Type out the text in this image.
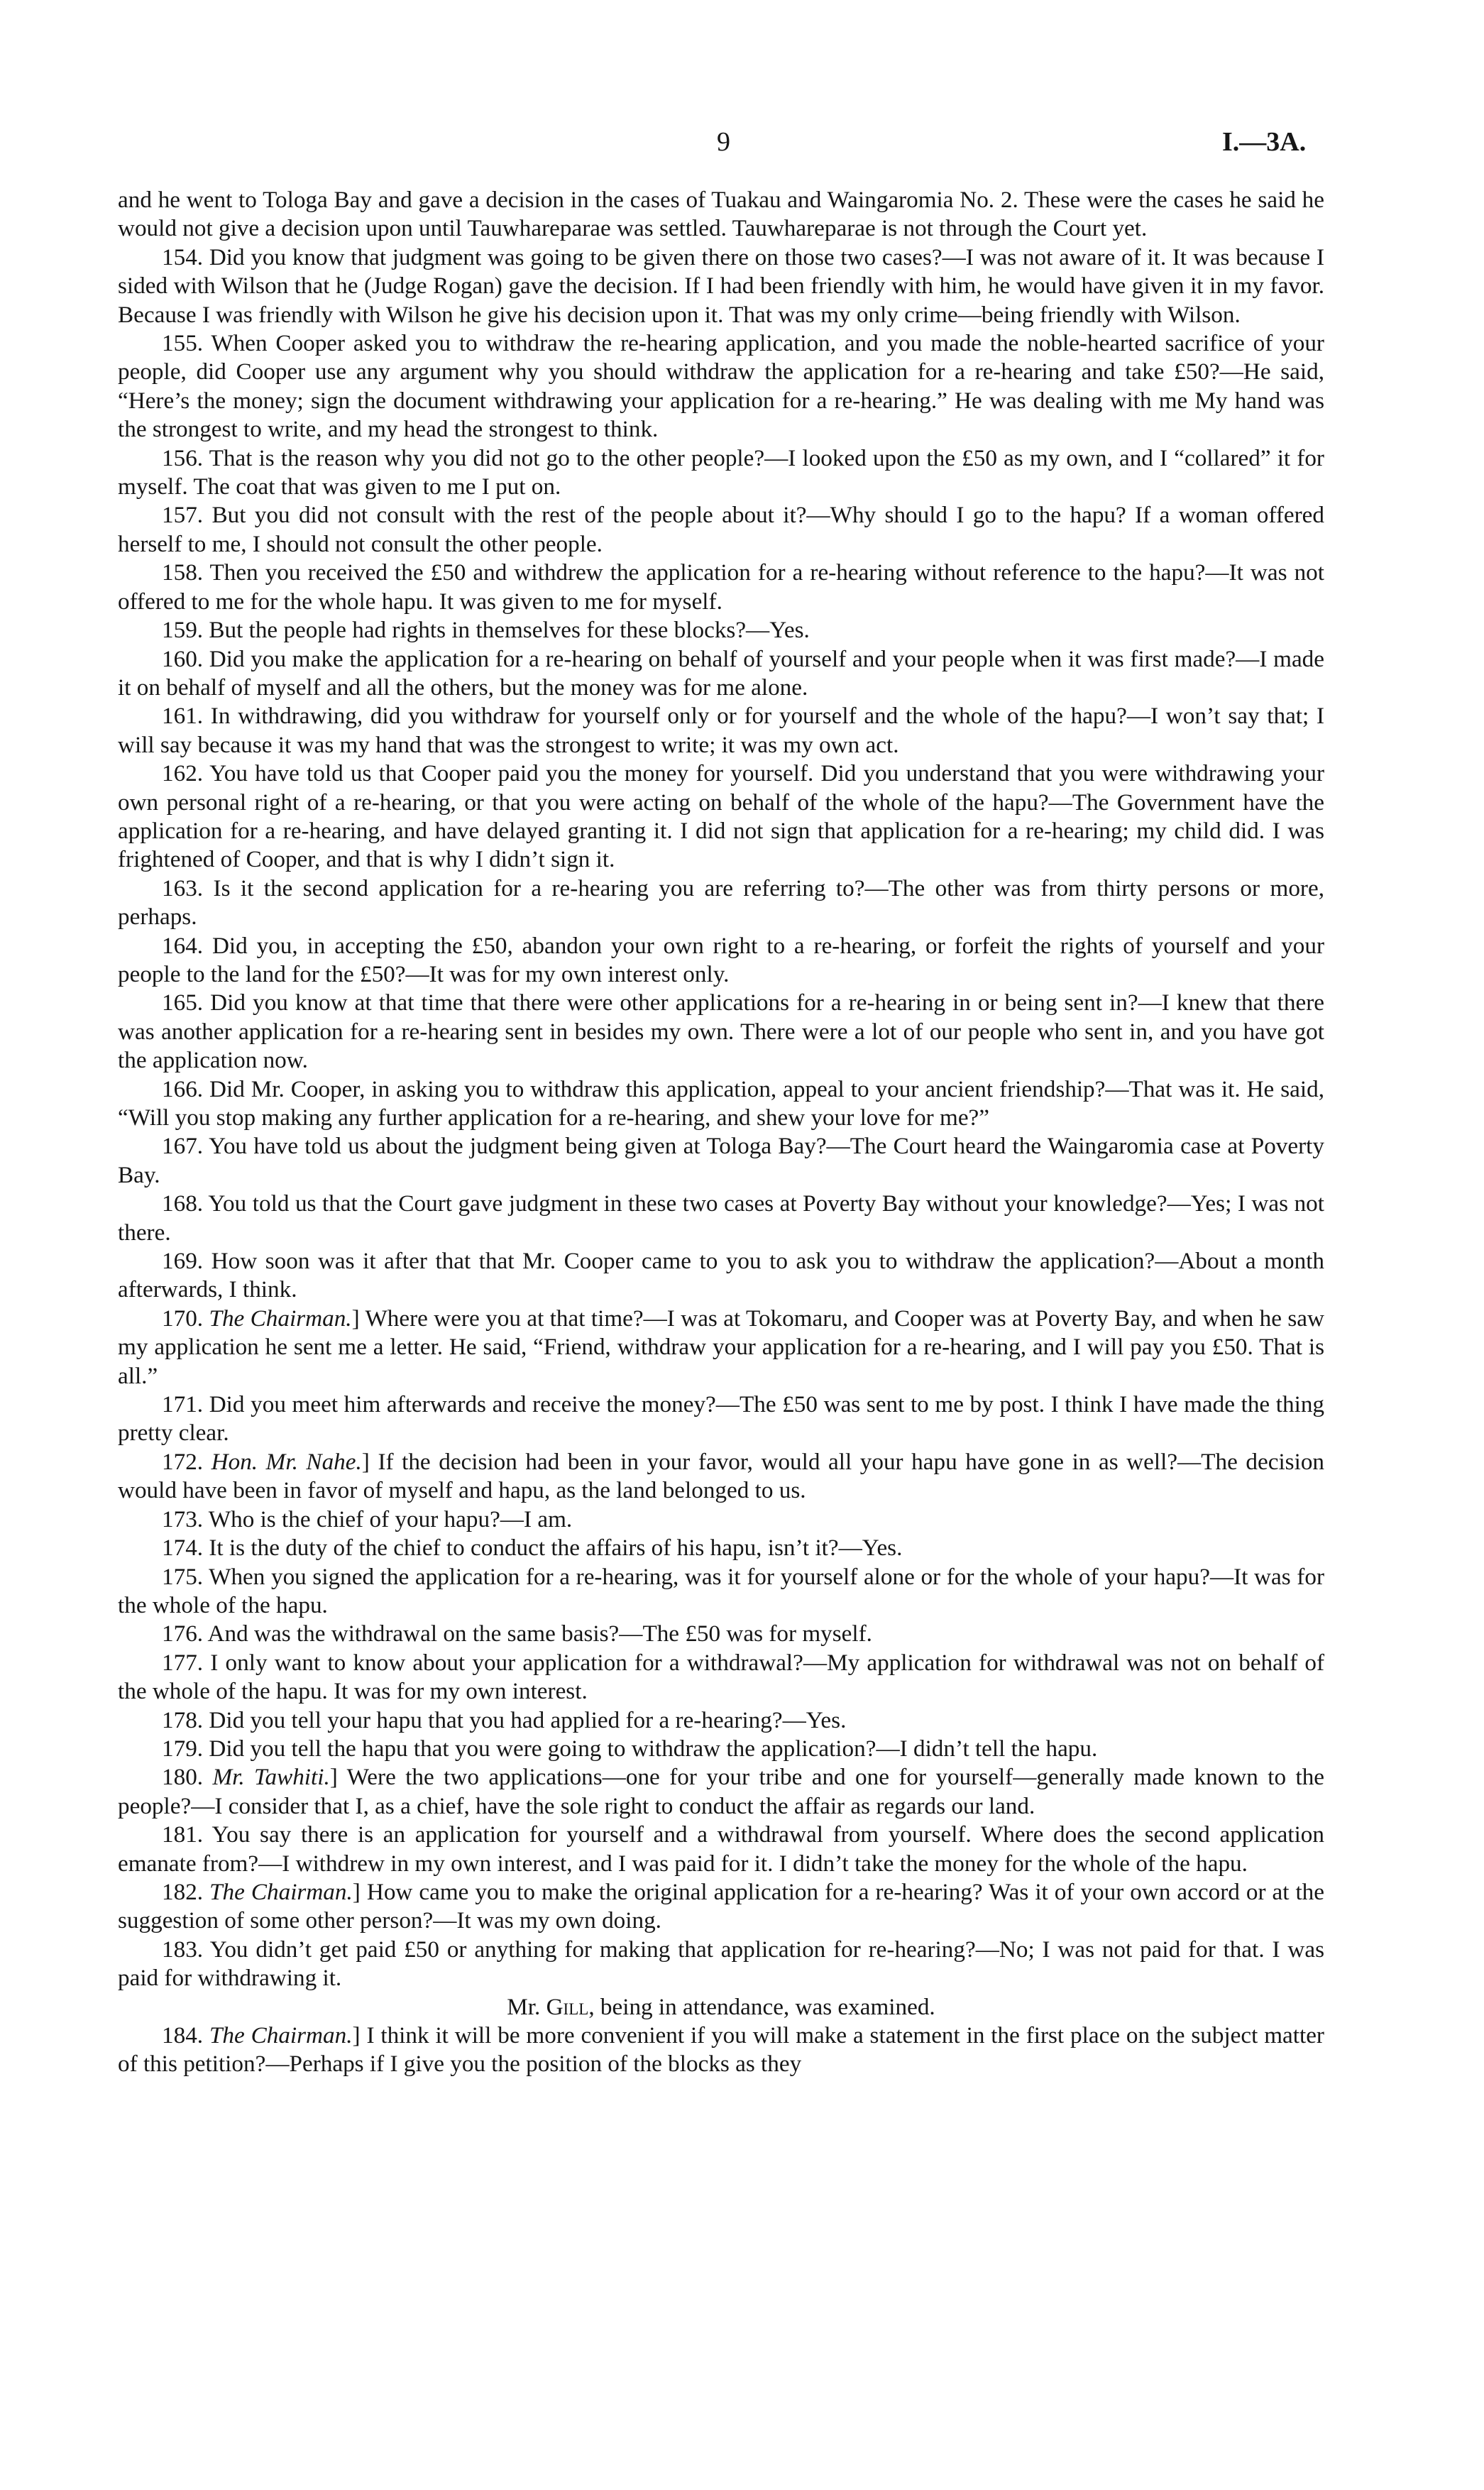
9	I.—3A.

and he went to Tologa Bay and gave a decision in the cases of Tuakau and Waingaromia No. 2. These were the cases he said he would not give a decision upon until Tauwhareparae was settled. Tauwhareparae is not through the Court yet.

154. Did you know that judgment was going to be given there on those two cases?—I was not aware of it. It was because I sided with Wilson that he (Judge Rogan) gave the decision. If I had been friendly with him, he would have given it in my favor. Because I was friendly with Wilson he give his decision upon it. That was my only crime—being friendly with Wilson.

155. When Cooper asked you to withdraw the re-hearing application, and you made the noble-hearted sacrifice of your people, did Cooper use any argument why you should withdraw the application for a re-hearing and take £50?—He said, “Here’s the money; sign the document withdrawing your application for a re-hearing.” He was dealing with me My hand was the strongest to write, and my head the strongest to think.

156. That is the reason why you did not go to the other people?—I looked upon the £50 as my own, and I “collared” it for myself. The coat that was given to me I put on.

157. But you did not consult with the rest of the people about it?—Why should I go to the hapu? If a woman offered herself to me, I should not consult the other people.

158. Then you received the £50 and withdrew the application for a re-hearing without reference to the hapu?—It was not offered to me for the whole hapu. It was given to me for myself.

159. But the people had rights in themselves for these blocks?—Yes.

160. Did you make the application for a re-hearing on behalf of yourself and your people when it was first made?—I made it on behalf of myself and all the others, but the money was for me alone.

161. In withdrawing, did you withdraw for yourself only or for yourself and the whole of the hapu?—I won’t say that; I will say because it was my hand that was the strongest to write; it was my own act.

162. You have told us that Cooper paid you the money for yourself. Did you understand that you were withdrawing your own personal right of a re-hearing, or that you were acting on behalf of the whole of the hapu?—The Government have the application for a re-hearing, and have delayed granting it. I did not sign that application for a re-hearing; my child did. I was frightened of Cooper, and that is why I didn’t sign it.

163. Is it the second application for a re-hearing you are referring to?—The other was from thirty persons or more, perhaps.

164. Did you, in accepting the £50, abandon your own right to a re-hearing, or forfeit the rights of yourself and your people to the land for the £50?—It was for my own interest only.

165. Did you know at that time that there were other applications for a re-hearing in or being sent in?—I knew that there was another application for a re-hearing sent in besides my own. There were a lot of our people who sent in, and you have got the application now.

166. Did Mr. Cooper, in asking you to withdraw this application, appeal to your ancient friendship?—That was it. He said, “Will you stop making any further application for a re-hearing, and shew your love for me?”

167. You have told us about the judgment being given at Tologa Bay?—The Court heard the Waingaromia case at Poverty Bay.

168. You told us that the Court gave judgment in these two cases at Poverty Bay without your knowledge?—Yes; I was not there.

169. How soon was it after that that Mr. Cooper came to you to ask you to withdraw the application?—About a month afterwards, I think.

170. The Chairman.] Where were you at that time?—I was at Tokomaru, and Cooper was at Poverty Bay, and when he saw my application he sent me a letter. He said, “Friend, withdraw your application for a re-hearing, and I will pay you £50. That is all.”

171. Did you meet him afterwards and receive the money?—The £50 was sent to me by post. I think I have made the thing pretty clear.

172. Hon. Mr. Nahe.] If the decision had been in your favor, would all your hapu have gone in as well?—The decision would have been in favor of myself and hapu, as the land belonged to us.

173. Who is the chief of your hapu?—I am.

174. It is the duty of the chief to conduct the affairs of his hapu, isn’t it?—Yes.

175. When you signed the application for a re-hearing, was it for yourself alone or for the whole of your hapu?—It was for the whole of the hapu.

176. And was the withdrawal on the same basis?—The £50 was for myself.

177. I only want to know about your application for a withdrawal?—My application for withdrawal was not on behalf of the whole of the hapu. It was for my own interest.

178. Did you tell your hapu that you had applied for a re-hearing?—Yes.

179. Did you tell the hapu that you were going to withdraw the application?—I didn’t tell the hapu.

180. Mr. Tawhiti.] Were the two applications—one for your tribe and one for yourself—generally made known to the people?—I consider that I, as a chief, have the sole right to conduct the affair as regards our land.

181. You say there is an application for yourself and a withdrawal from yourself. Where does the second application emanate from?—I withdrew in my own interest, and I was paid for it. I didn’t take the money for the whole of the hapu.

182. The Chairman.] How came you to make the original application for a re-hearing? Was it of your own accord or at the suggestion of some other person?—It was my own doing.

183. You didn’t get paid £50 or anything for making that application for re-hearing?—No; I was not paid for that. I was paid for withdrawing it.

Mr. Gill, being in attendance, was examined.

184. The Chairman.] I think it will be more convenient if you will make a statement in the first place on the subject matter of this petition?—Perhaps if I give you the position of the blocks as they
